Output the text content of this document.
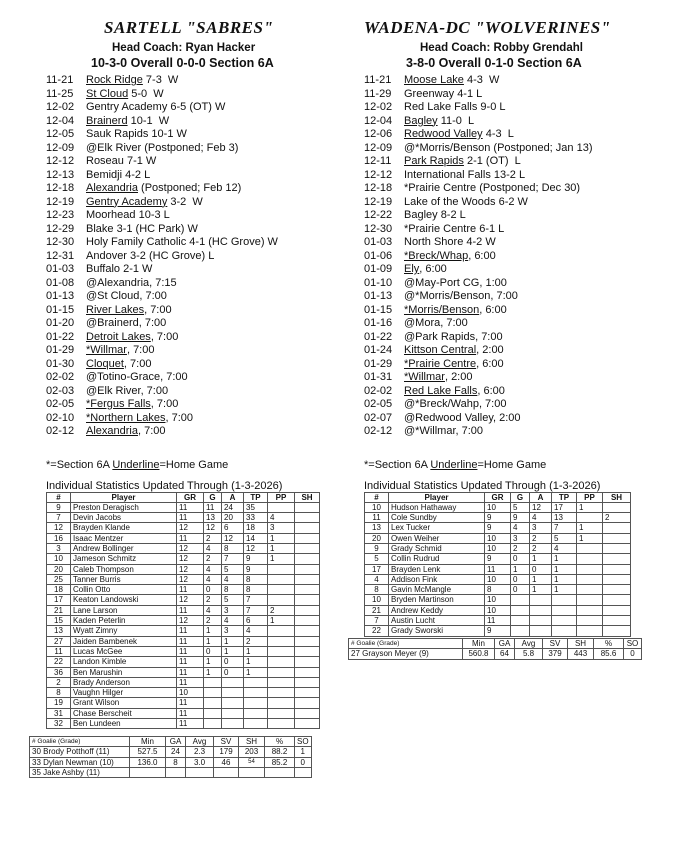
SARTELL "SABRES"
Head Coach: Ryan Hacker
10-3-0 Overall 0-0-0 Section 6A
11-21	Rock Ridge 7-3  W
11-25	St Cloud 5-0  W
12-02	Gentry Academy 6-5 (OT) W
12-04	Brainerd 10-1  W
12-05	Sauk Rapids 10-1 W
12-09	@Elk River (Postponed; Feb 3)
12-12	Roseau 7-1 W
12-13	Bemidji 4-2 L
12-18	Alexandria (Postponed; Feb 12)
12-19	Gentry Academy 3-2  W
12-23	Moorhead 10-3 L
12-29	Blake 3-1 (HC Park) W
12-30	Holy Family Catholic 4-1 (HC Grove) W
12-31	Andover 3-2 (HC Grove) L
01-03	Buffalo 2-1 W
01-08	@Alexandria, 7:15
01-13	@St Cloud, 7:00
01-15	River Lakes , 7:00
01-20	@Brainerd, 7:00
01-22	Detroit Lakes , 7:00
01-29	*Willmar , 7:00
01-30	Cloquet , 7:00
02-02	@Totino-Grace, 7:00
02-03	@Elk River, 7:00
02-05	*Fergus Falls , 7:00
02-10	*Northern Lakes , 7:00
02-12	Alexandria , 7:00
*=Section 6A Underline=Home Game
Individual Statistics Updated Through (1-3-2026)
#	Player	GR	G	A	TP	PP	SH
9	Preston Deragisch	11	11	24	35		
7	Devin Jacobs	11	13	20	33	4	
12	Brayden Klande	12	12	6	18	3	
16	Isaac Mentzer	11	2	12	14	1	
3	Andrew Bollinger	12	4	8	12	1	
10	Jameson Schmitz	12	2	7	9	1	
20	Caleb Thompson	12	4	5	9		
25	Tanner Burris	12	4	4	8		
18	Collin Otto	11	0	8	8		
17	Keaton Landowski	12	2	5	7		
21	Lane Larson	11	4	3	7	2	
15	Kaden Peterlin	12	2	4	6	1	
13	Wyatt Zimny	11	1	3	4		
27	Jaiden Bambenek	11	1	1	2		
11	Lucas McGee	11	0	1	1		
22	Landon Kimble	11	1	0	1		
36	Ben Marushin	11	1	0	1		
2	Brady Anderson	11					
8	Vaughn Hilger	10					
19	Grant Wilson	11					
31	Chase Berscheit	11					
32	Ben Lundeen	11					
# Goalie (Grade)	Min	GA	Avg	SV	SH	%	SO
30 Brody Potthoff (11)	527.5	24	2.3	179	203	88.2	1
33 Dylan Newman (10)	136.0	8	3.0	46	54	85.2	0
35 Jake Ashby (11)							
WADENA-DC "WOLVERINES"
Head Coach: Robby Grendahl
3-8-0 Overall 0-1-0 Section 6A
11-21	Moose Lake 4-3  W
11-29	Greenway 4-1 L
12-02	Red Lake Falls 9-0 L
12-04	Bagley 11-0  L
12-06	Redwood Valley 4-3  L
12-09	@*Morris/Benson (Postponed; Jan 13)
12-11	Park Rapids 2-1 (OT)  L
12-12	International Falls 13-2 L
12-18	*Prairie Centre (Postponed; Dec 30)
12-19	Lake of the Woods 6-2 W
12-22	Bagley 8-2 L
12-30	*Prairie Centre 6-1 L
01-03	North Shore 4-2 W
01-06	*Breck/Whap , 6:00
01-09	Ely , 6:00
01-10	@May-Port CG, 1:00
01-13	@*Morris/Benson, 7:00
01-15	*Morris/Benson , 6:00
01-16	@Mora, 7:00
01-22	@Park Rapids, 7:00
01-24	Kittson Central , 2:00
01-29	*Prairie Centre , 6:00
01-31	*Willmar , 2:00
02-02	Red Lake Falls , 6:00
02-05	@*Breck/Wahp, 7:00
02-07	@Redwood Valley, 2:00
02-12	@*Willmar, 7:00
*=Section 6A Underline=Home Game
Individual Statistics Updated Through (1-3-2026)
#	Player	GR	G	A	TP	PP	SH
10	Hudson Hathaway	10	5	12	17	1	
11	Cole Sundby	9	9	4	13		2
13	Lex Tucker	9	4	3	7	1	
20	Owen Weiher	10	3	2	5	1	
9	Grady Schmid	10	2	2	4		
5	Collin Rudrud	9	0	1	1		
17	Brayden Lenk	11	1	0	1		
4	Addison Fink	10	0	1	1		
8	Gavin McMangle	8	0	1	1		
10	Bryden Martinson	10					
21	Andrew Keddy	10					
7	Austin Lucht	11					
22	Grady Sworski	9					
# Goalie (Grade)	Min	GA	Avg	SV	SH	%	SO
27 Grayson Meyer (9)	560.8	64	5.8	379	443	85.6	0
